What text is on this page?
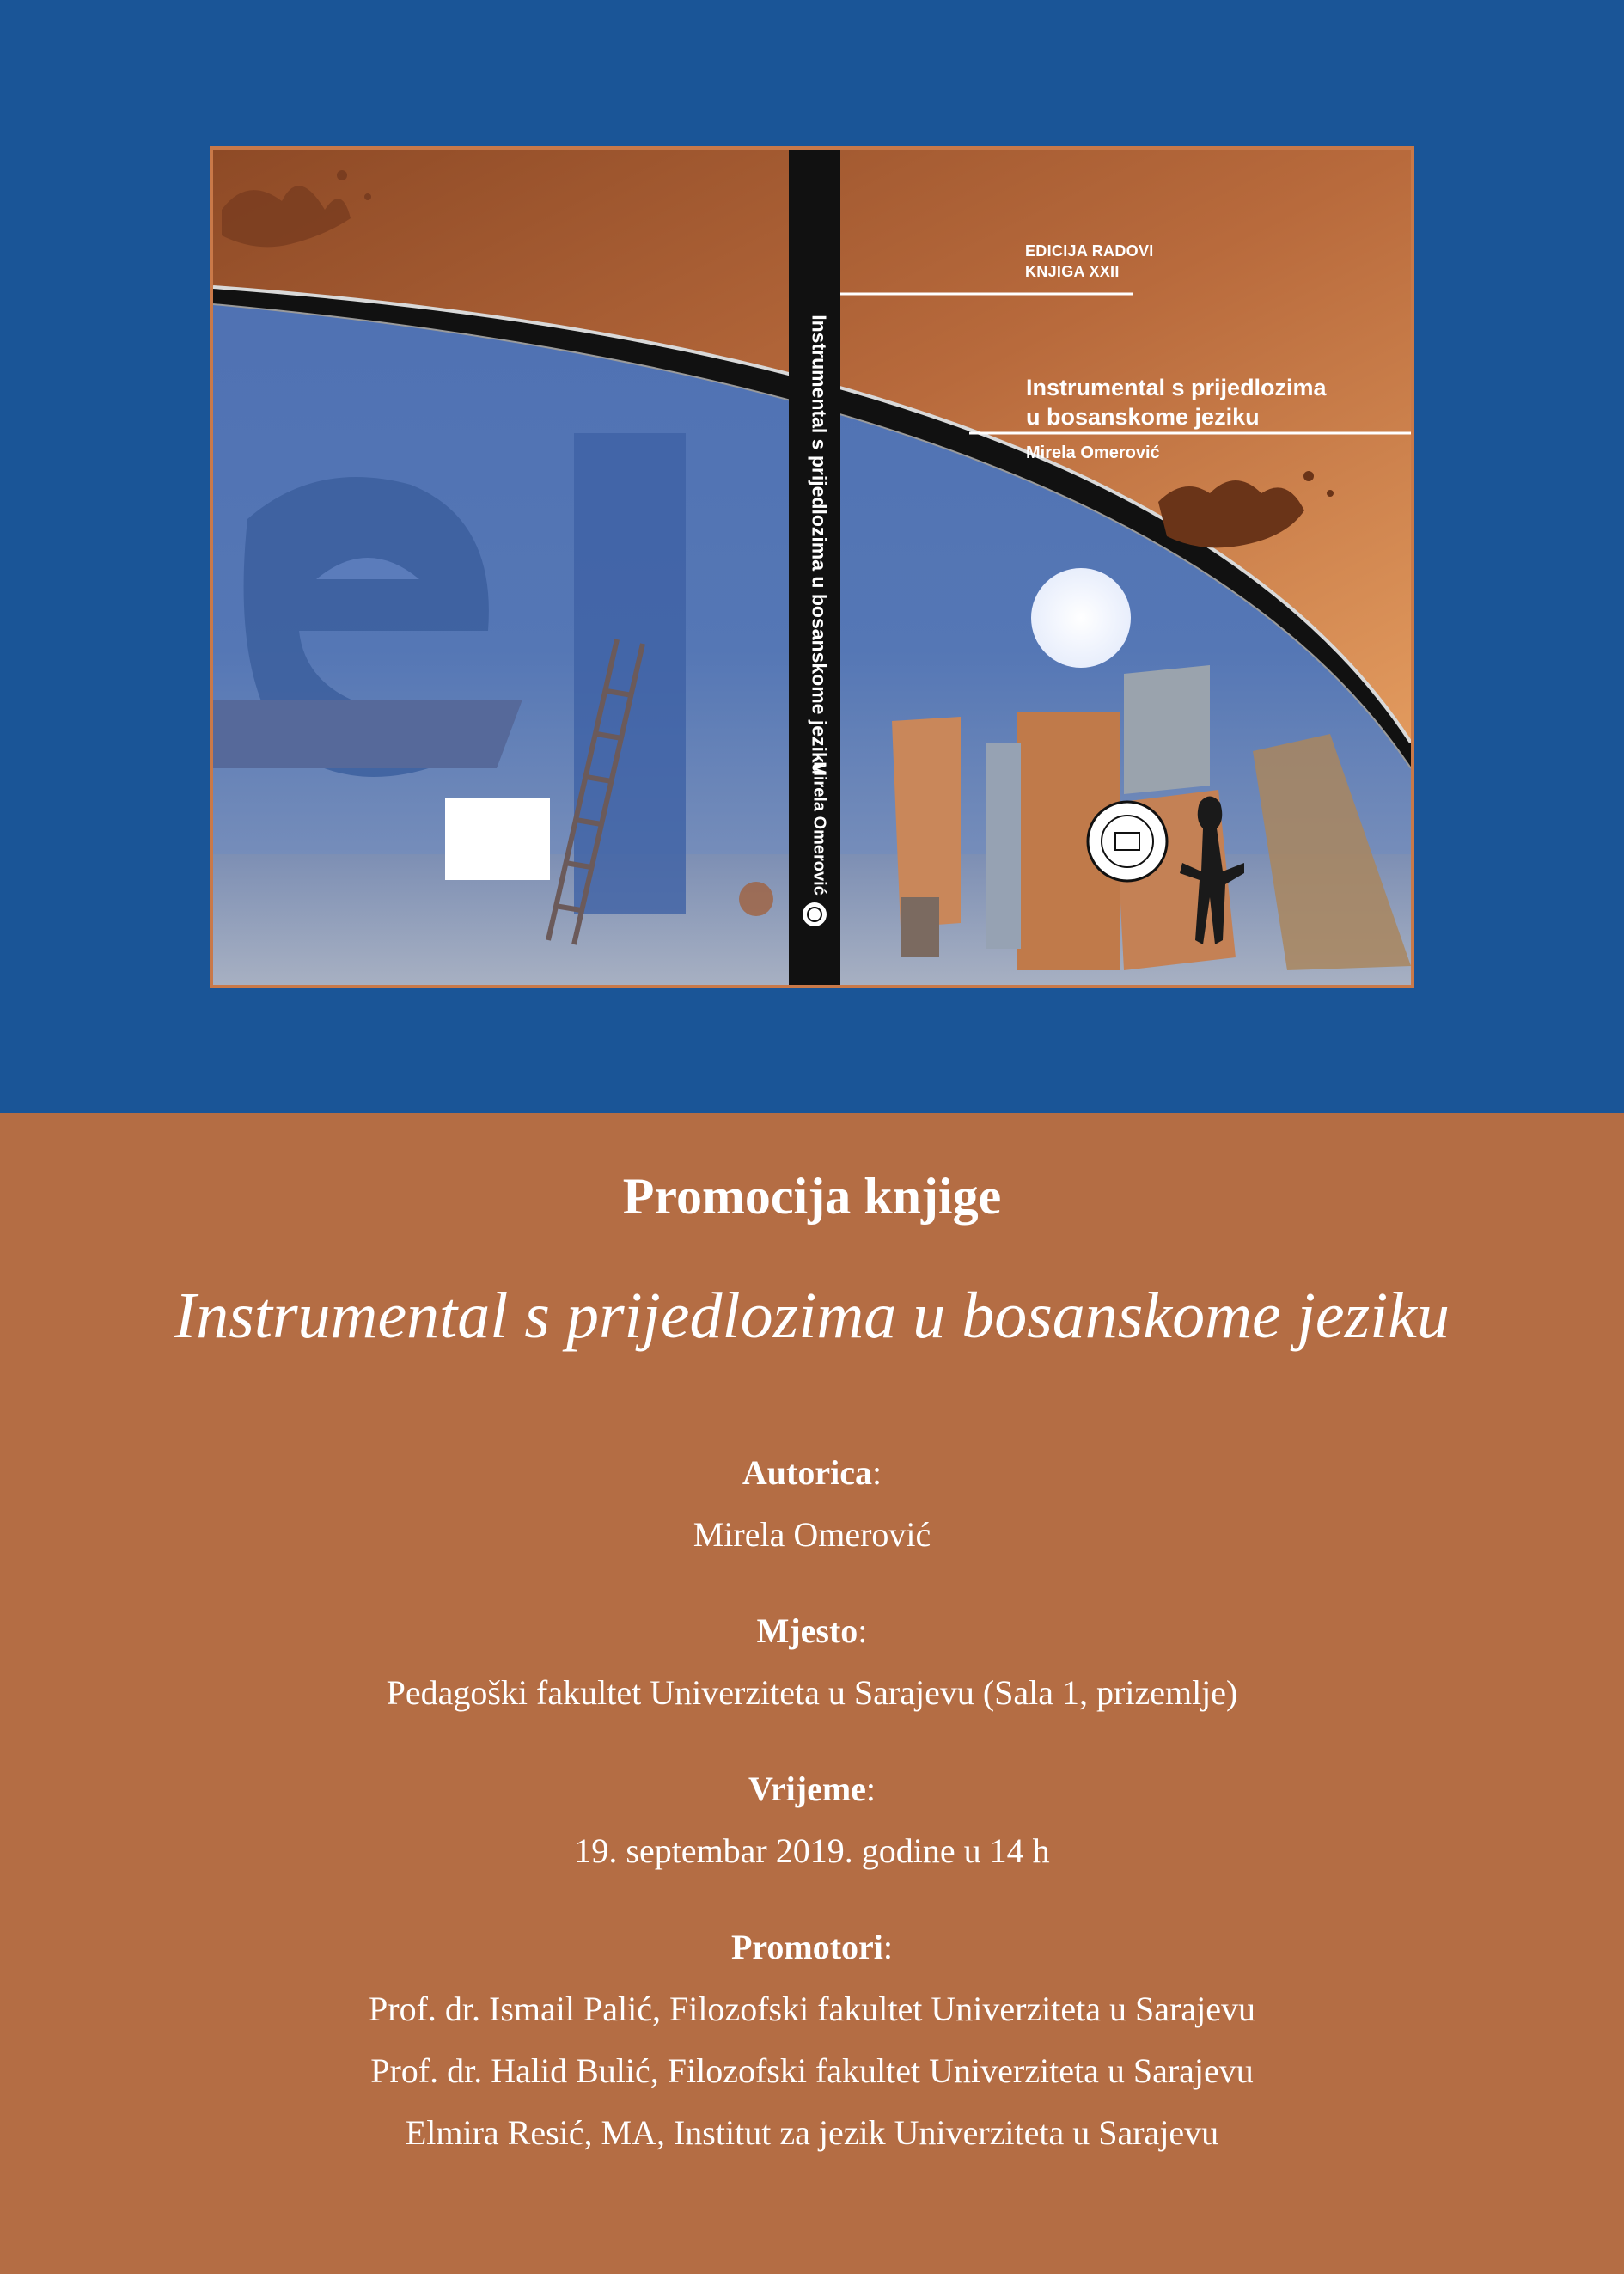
EDICIJA RADOVI
KNJIGA XXII
Instrumental s prijedlozima
u bosanskome jeziku
Mirela Omerović
Instrumental s prijedlozima u bosanskome jeziku
Mirela Omerović
Promocija knjige
Instrumental s prijedlozima u bosanskome jeziku
Autorica:
Mirela Omerović
Mjesto:
Pedagoški fakultet Univerziteta u Sarajevu (Sala 1, prizemlje)
Vrijeme:
19. septembar 2019. godine u 14 h
Promotori:
Prof. dr. Ismail Palić, Filozofski fakultet Univerziteta u Sarajevu
Prof. dr. Halid Bulić, Filozofski fakultet Univerziteta u Sarajevu
Elmira Resić, MA, Institut za jezik Univerziteta u Sarajevu
